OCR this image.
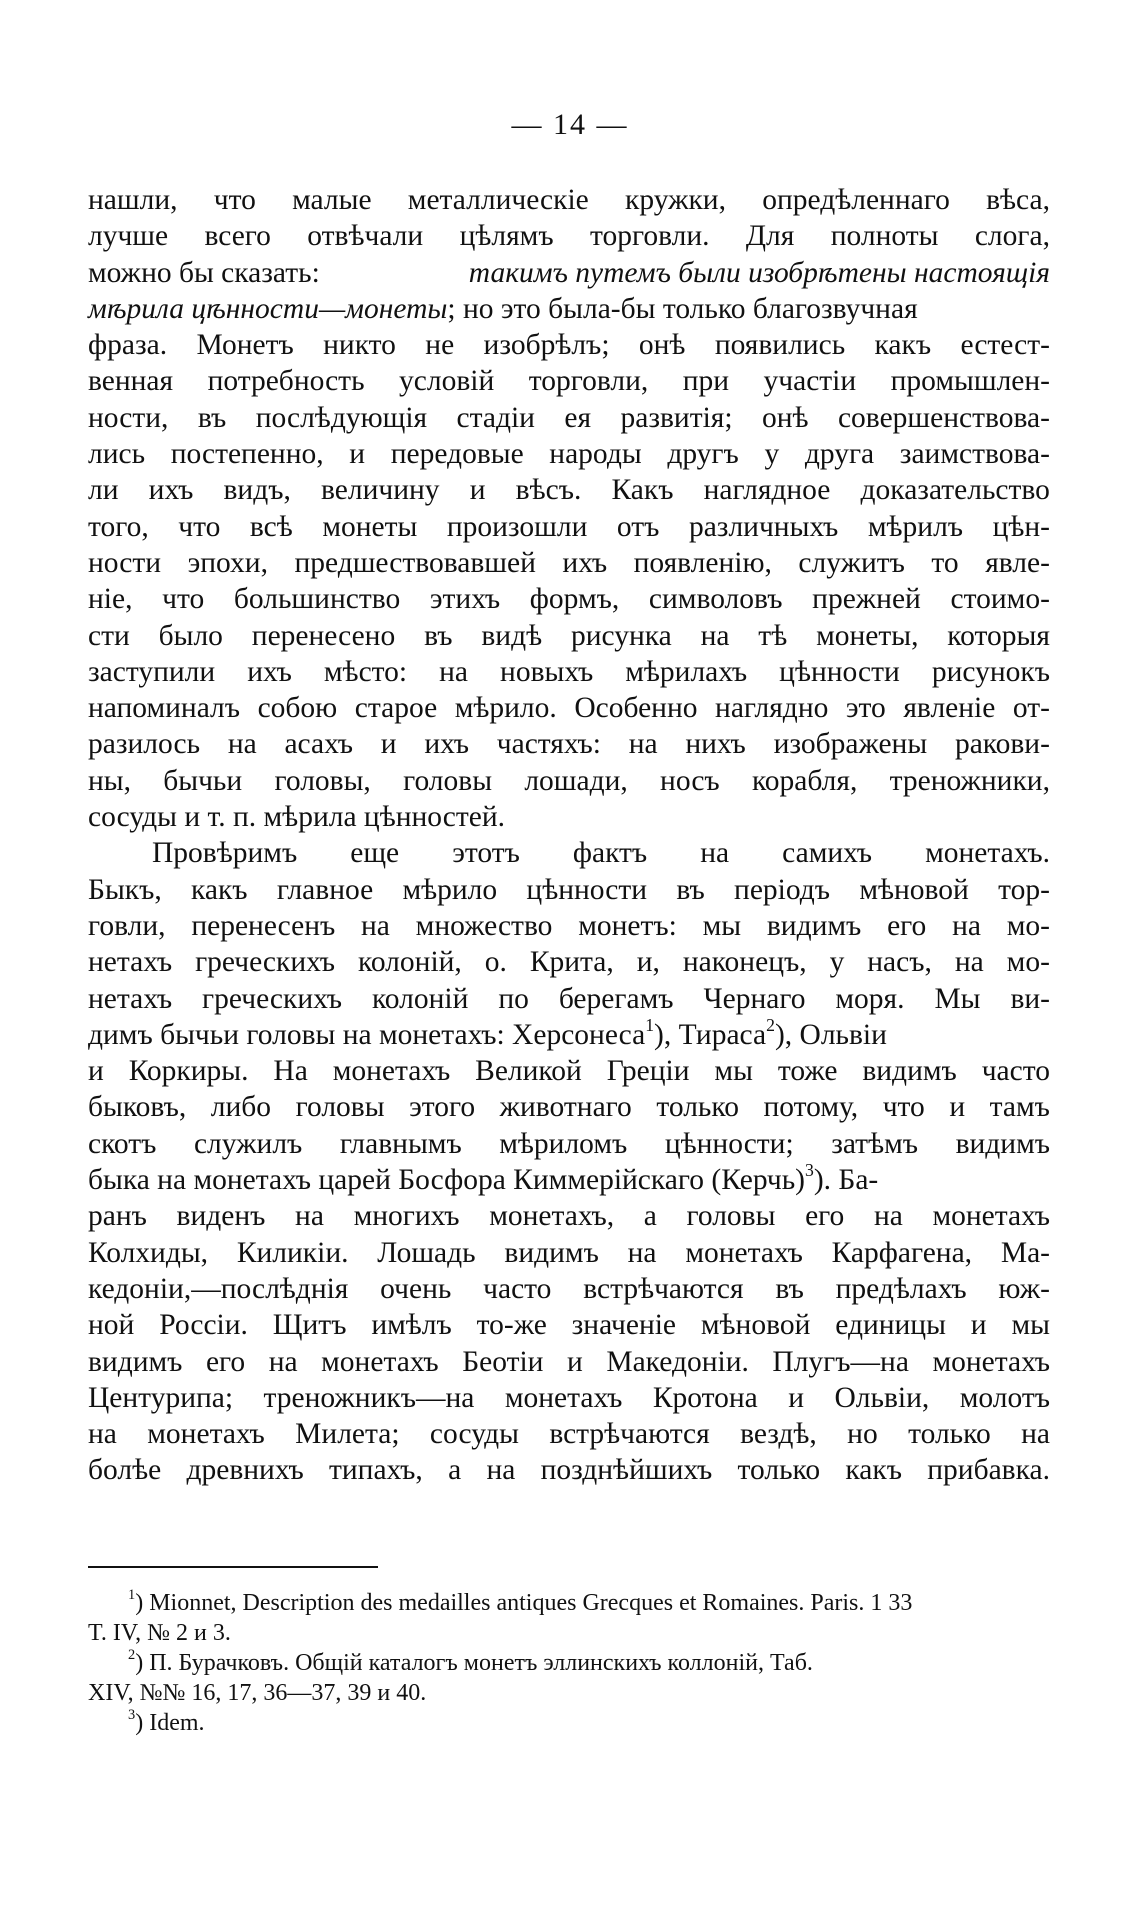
— 14 —
нашли, что малые металлическіе кружки, опредѣленнаго вѣса,
лучше всего отвѣчали цѣлямъ торговли. Для полноты слога,
можно бы сказать:	такимъ путемъ были изобрѣтены настоящія
мѣрила цѣнности—монеты; но это была-бы только благозвучная
фраза. Монетъ никто не изобрѣлъ; онѣ появились какъ естест-
венная потребность условій торговли, при участіи промышлен-
ности, въ послѣдующія стадіи ея развитія; онѣ совершенствова-
лись постепенно, и передовые народы другъ у друга заимствова-
ли ихъ видъ, величину и вѣсъ. Какъ наглядное доказательство
того, что всѣ монеты произошли отъ различныхъ мѣрилъ цѣн-
ности эпохи, предшествовавшей ихъ появленію, служитъ то явле-
ніе, что большинство этихъ формъ, символовъ прежней стоимо-
сти было перенесено въ видѣ рисунка на тѣ монеты, которыя
заступили ихъ мѣсто: на новыхъ мѣрилахъ цѣнности рисунокъ
напоминалъ собою старое мѣрило. Особенно наглядно это явленіе от-
разилось на асахъ и ихъ частяхъ: на нихъ изображены ракови-
ны, бычьи головы, головы лошади, носъ корабля, треножники,
сосуды и т. п. мѣрила цѣнностей.
Провѣримъ еще этотъ фактъ на самихъ монетахъ.
Быкъ, какъ главное мѣрило цѣнности въ періодъ мѣновой тор-
говли, перенесенъ на множество монетъ: мы видимъ его на мо-
нетахъ греческихъ колоній, о. Крита, и, наконецъ, у насъ, на мо-
нетахъ греческихъ колоній по берегамъ Чернаго моря. Мы ви-
димъ бычьи головы на монетахъ: Херсонеса$^1$), Тираса$^2$), Ольвіи
и Коркиры. На монетахъ Великой Греціи мы тоже видимъ часто
быковъ, либо головы этого животнаго только потому, что и тамъ
скотъ служилъ главнымъ мѣриломъ цѣнности; затѣмъ видимъ
быка на монетахъ царей Босфора Киммерійскаго (Керчь)$^3$). Ба-
ранъ виденъ на многихъ монетахъ, а головы его на монетахъ
Колхиды, Киликіи. Лошадь видимъ на монетахъ Карфагена, Ма-
кедоніи,—послѣднія очень часто встрѣчаются въ предѣлахъ юж-
ной Россіи. Щитъ имѣлъ то-же значеніе мѣновой единицы и мы
видимъ его на монетахъ Беотіи и Македоніи. Плугъ—на монетахъ
Центурипа; треножникъ—на монетахъ Кротона и Ольвіи, молотъ
на монетахъ Милета; сосуды встрѣчаются вездѣ, но только на
болѣе древнихъ типахъ, а на позднѣйшихъ только какъ прибавка.
$^1$) Mionnet, Description des medailles antiques Grecques et Romaines. Paris. 1 33
T. IV, № 2 и 3.
$^2$) П. Бурачковъ. Общій каталогъ монетъ эллинскихъ коллоній, Таб.
XIV, №№ 16, 17, 36—37, 39 и 40.
$^3$) Idem.
